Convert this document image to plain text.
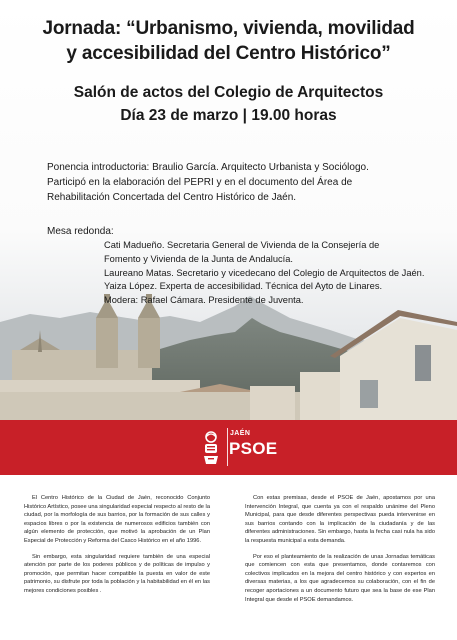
Jornada: “Urbanismo, vivienda, movilidad
y accesibilidad del Centro Histórico”
Salón de actos del Colegio de Arquitectos
Día 23 de marzo | 19.00 horas
Ponencia introductoria: Braulio García. Arquitecto Urbanista y Sociólogo.
Participó en la elaboración del PEPRI y en el documento del Área de
Rehabilitación Concertada del Centro Histórico de Jaén.
Mesa redonda:
Cati Madueño. Secretaria General de Vivienda de la Consejería de
Fomento y Vivienda de la Junta de Andalucía.
Laureano Matas. Secretario y vicedecano del Colegio de Arquitectos de Jaén.
Yaiza López. Experta de accesibilidad. Técnica del Ayto de Linares.
Modera: Rafael Cámara. Presidente de Juventa.
JAÉN
PSOE

El Centro Histórico de la Ciudad de Jaén, reconocido Conjunto Histórico Artístico, posee una singularidad especial respecto al resto de la ciudad, por la morfología de sus barrios, por la formación de sus calles y espacios libres o por la existencia de numerosos edificios también con algún elemento de protección, que motivó la aprobación de un Plan Especial de Protección y Reforma del Casco Histórico en el año 1996.

Sin embargo, esta singularidad requiere también de una especial atención por parte de los poderes públicos y de políticas de impulso y promoción, que permitan hacer compatible la puesta en valor de este patrimonio, su disfrute por toda la población y la habitabilidad en él en las mejores condiciones posibles .

Con estas premisas, desde el PSOE de Jaén, apostamos por una Intervención Integral, que cuenta ya con el respaldo unánime del Pleno Municipal, para que desde diferentes perspectivas pueda intervenirse en sus barrios contando con la implicación de la ciudadanía y de las diferentes administraciones. Sin embargo, hasta la fecha casi nula ha sido la respuesta municipal a esta demanda.

Por eso el planteamiento de la realización de unas Jornadas temáticas que comiencen con esta que presentamos, donde contaremos con colectivos implicados en la mejora del centro histórico y con expertos en diversas materias, a los que agradecemos su colaboración, con el fin de recoger aportaciones a un documento futuro que sea la base de ese Plan Integral que desde el PSOE demandamos.
